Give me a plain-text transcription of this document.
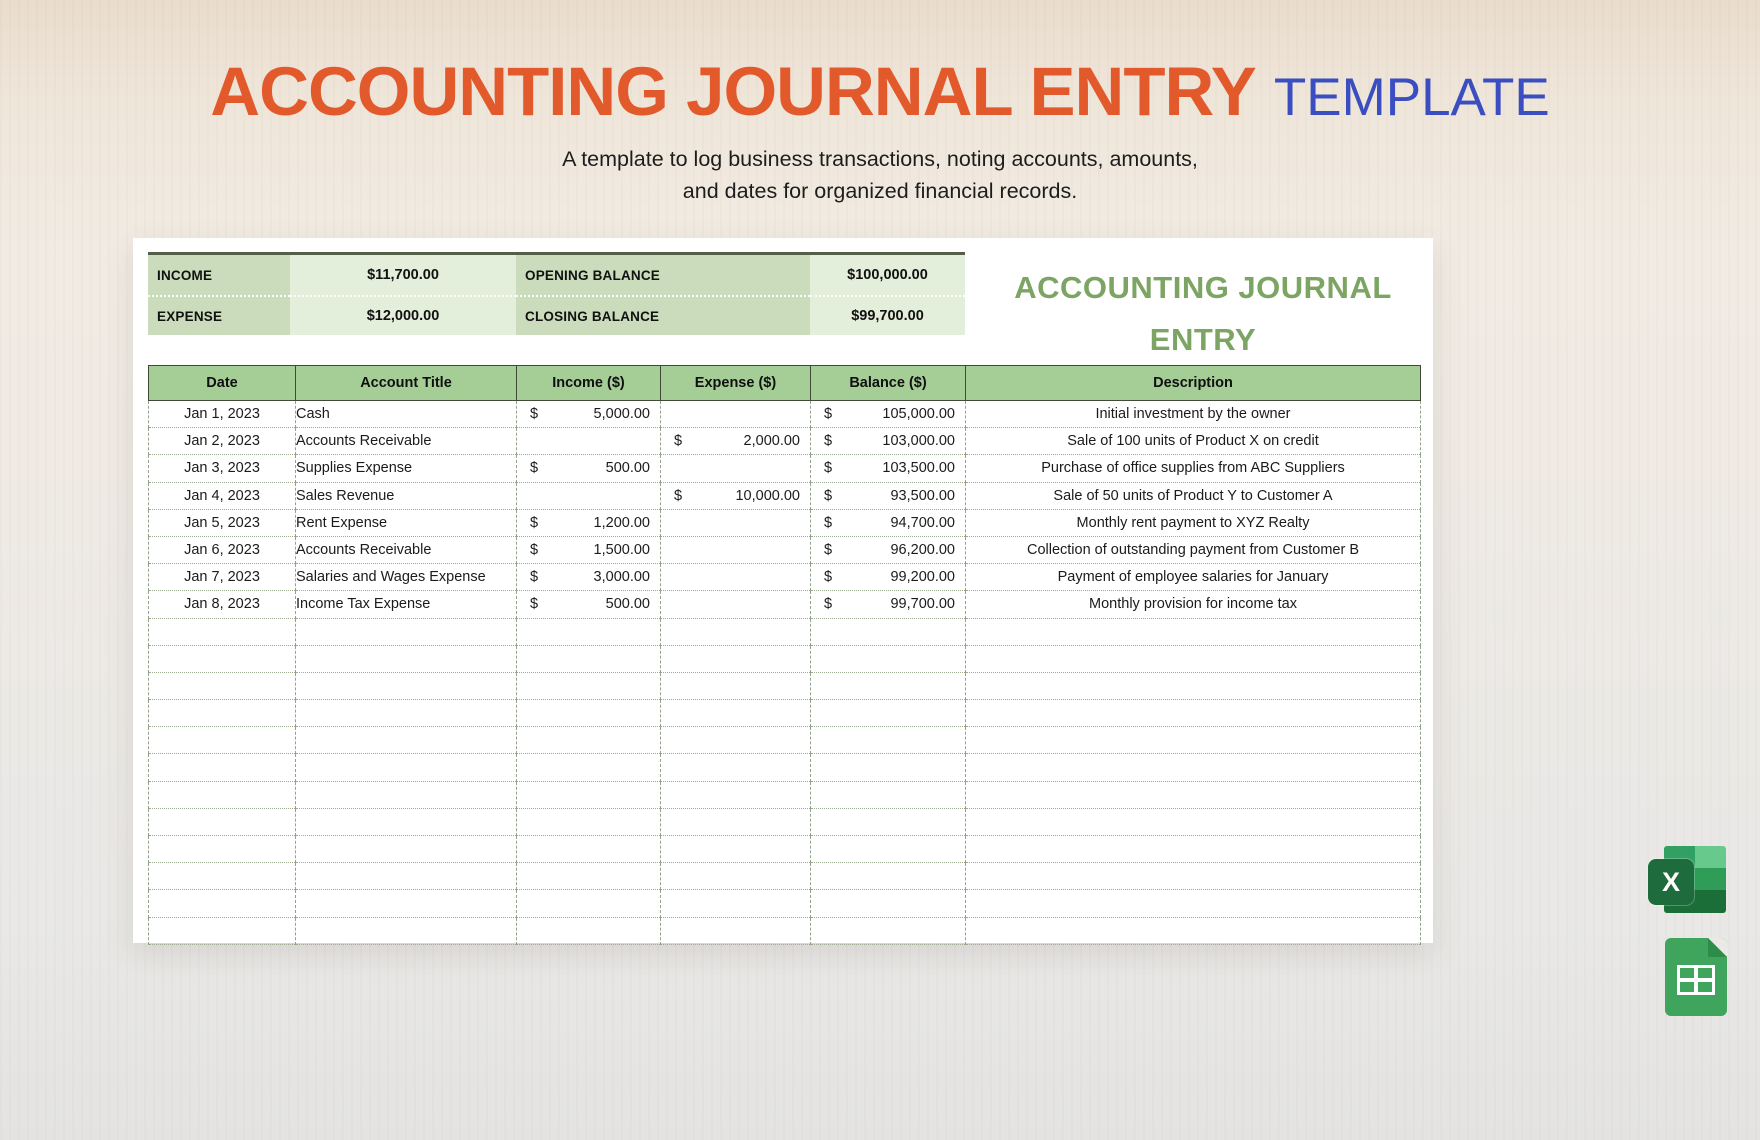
ACCOUNTING JOURNAL ENTRY TEMPLATE
A template to log business transactions, noting accounts, amounts,
and dates for organized financial records.
INCOME	$11,700.00	OPENING BALANCE	$100,000.00
EXPENSE	$12,000.00	CLOSING BALANCE	$99,700.00
ACCOUNTING JOURNAL
ENTRY
Date	Account Title	Income ($)	Expense ($)	Balance ($)	Description
Jan 1, 2023	Cash	$ 5,000.00		$ 105,000.00	Initial investment by the owner
Jan 2, 2023	Accounts Receivable		$ 2,000.00	$ 103,000.00	Sale of 100 units of Product X on credit
Jan 3, 2023	Supplies Expense	$ 500.00		$ 103,500.00	Purchase of office supplies from ABC Suppliers
Jan 4, 2023	Sales Revenue		$ 10,000.00	$ 93,500.00	Sale of 50 units of Product Y to Customer A
Jan 5, 2023	Rent Expense	$ 1,200.00		$ 94,700.00	Monthly rent payment to XYZ Realty
Jan 6, 2023	Accounts Receivable	$ 1,500.00		$ 96,200.00	Collection of outstanding payment from Customer B
Jan 7, 2023	Salaries and Wages Expense	$ 3,000.00		$ 99,200.00	Payment of employee salaries for January
Jan 8, 2023	Income Tax Expense	$ 500.00		$ 99,700.00	Monthly provision for income tax

X
